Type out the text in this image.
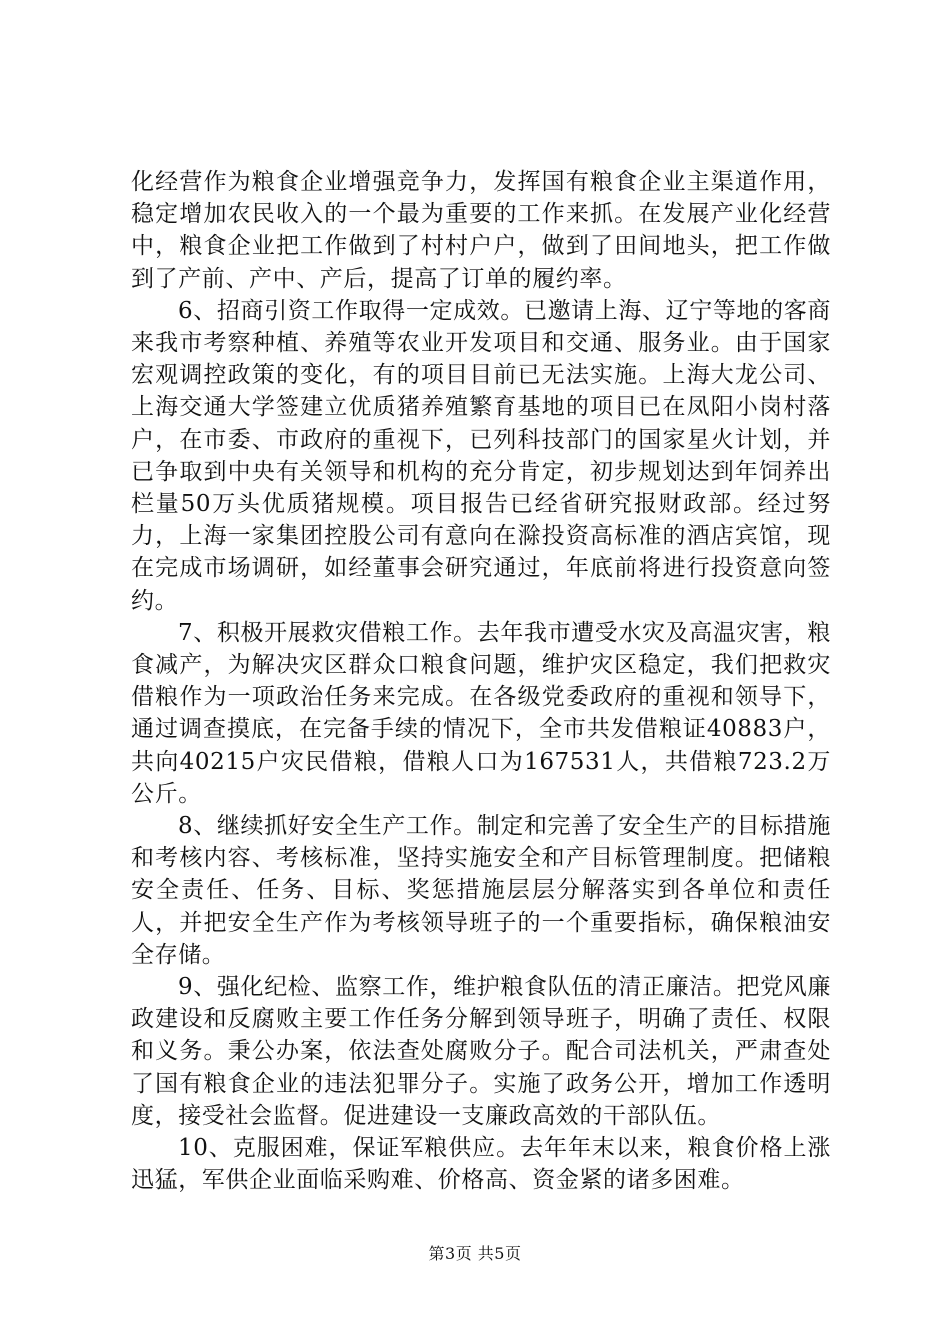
化经营作为粮食企业增强竞争力，发挥国有粮食企业主渠道作用，稳定增加农民收入的一个最为重要的工作来抓。在发展产业化经营中，粮食企业把工作做到了村村户户，做到了田间地头，把工作做到了产前、产中、产后，提高了订单的履约率。

6、招商引资工作取得一定成效。已邀请上海、辽宁等地的客商来我市考察种植、养殖等农业开发项目和交通、服务业。由于国家宏观调控政策的变化，有的项目目前已无法实施。上海大龙公司、上海交通大学签建立优质猪养殖繁育基地的项目已在凤阳小岗村落户，在市委、市政府的重视下，已列科技部门的国家星火计划，并已争取到中央有关领导和机构的充分肯定，初步规划达到年饲养出栏量50万头优质猪规模。项目报告已经省研究报财政部。经过努力，上海一家集团控股公司有意向在滁投资高标准的酒店宾馆，现在完成市场调研，如经董事会研究通过，年底前将进行投资意向签约。

7、积极开展救灾借粮工作。去年我市遭受水灾及高温灾害，粮食减产，为解决灾区群众口粮食问题，维护灾区稳定，我们把救灾借粮作为一项政治任务来完成。在各级党委政府的重视和领导下，通过调查摸底，在完备手续的情况下，全市共发借粮证40883户，共向40215户灾民借粮，借粮人口为167531人，共借粮723.2万公斤。

8、继续抓好安全生产工作。制定和完善了安全生产的目标措施和考核内容、考核标准，坚持实施安全和产目标管理制度。把储粮安全责任、任务、目标、奖惩措施层层分解落实到各单位和责任人，并把安全生产作为考核领导班子的一个重要指标，确保粮油安全存储。

9、强化纪检、监察工作，维护粮食队伍的清正廉洁。把党风廉政建设和反腐败主要工作任务分解到领导班子，明确了责任、权限和义务。秉公办案，依法查处腐败分子。配合司法机关，严肃查处了国有粮食企业的违法犯罪分子。实施了政务公开，增加工作透明度，接受社会监督。促进建设一支廉政高效的干部队伍。

10、克服困难，保证军粮供应。去年年末以来，粮食价格上涨迅猛，军供企业面临采购难、价格高、资金紧的诸多困难。

第3页 共5页
